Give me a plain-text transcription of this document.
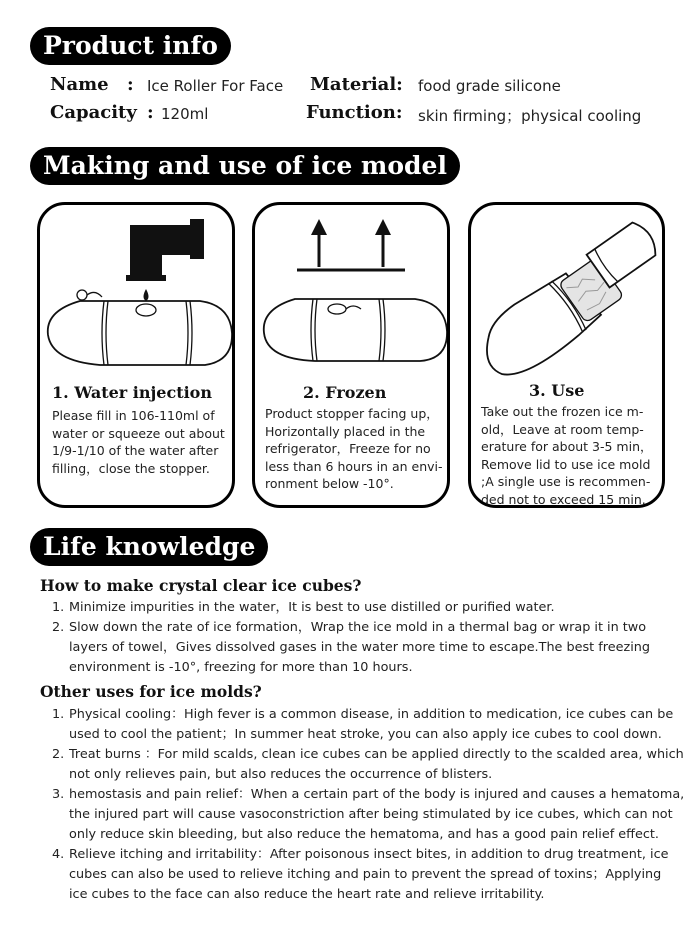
Product info
Name : Ice Roller For Face Material: food grade silicone
Capacity : 120ml	Function: skin firming；physical cooling
Making and use of ice model
1. Water injection
Please fill in 106-110ml of
water or squeeze out about
1/9-1/10 of the water after
filling，close the stopper.
2. Frozen
Product stopper facing up，
Horizontally placed in the
refrigerator，Freeze for no
less than 6 hours in an envi-
ronment below -10°.
3. Use
Take out the frozen ice m-
old，Leave at room temp-
erature for about 3-5 min，
Remove lid to use ice mold
;A single use is recommen-
ded not to exceed 15 min.
Life knowledge
How to make crystal clear ice cubes?
1. Minimize impurities in the water，It is best to use distilled or purified water.
2. Slow down the rate of ice formation，Wrap the ice mold in a thermal bag or wrap it in two
layers of towel，Gives dissolved gases in the water more time to escape.The best freezing
environment is -10°, freezing for more than 10 hours.
Other uses for ice molds?
1. Physical cooling：High fever is a common disease, in addition to medication, ice cubes can be
used to cool the patient；In summer heat stroke, you can also apply ice cubes to cool down.
2. Treat burns ：For mild scalds, clean ice cubes can be applied directly to the scalded area, which
not only relieves pain, but also reduces the occurrence of blisters.
3. hemostasis and pain relief：When a certain part of the body is injured and causes a hematoma,
the injured part will cause vasoconstriction after being stimulated by ice cubes, which can not
only reduce skin bleeding, but also reduce the hematoma, and has a good pain relief effect.
4. Relieve itching and irritability：After poisonous insect bites, in addition to drug treatment, ice
cubes can also be used to relieve itching and pain to prevent the spread of toxins；Applying
ice cubes to the face can also reduce the heart rate and relieve irritability.
